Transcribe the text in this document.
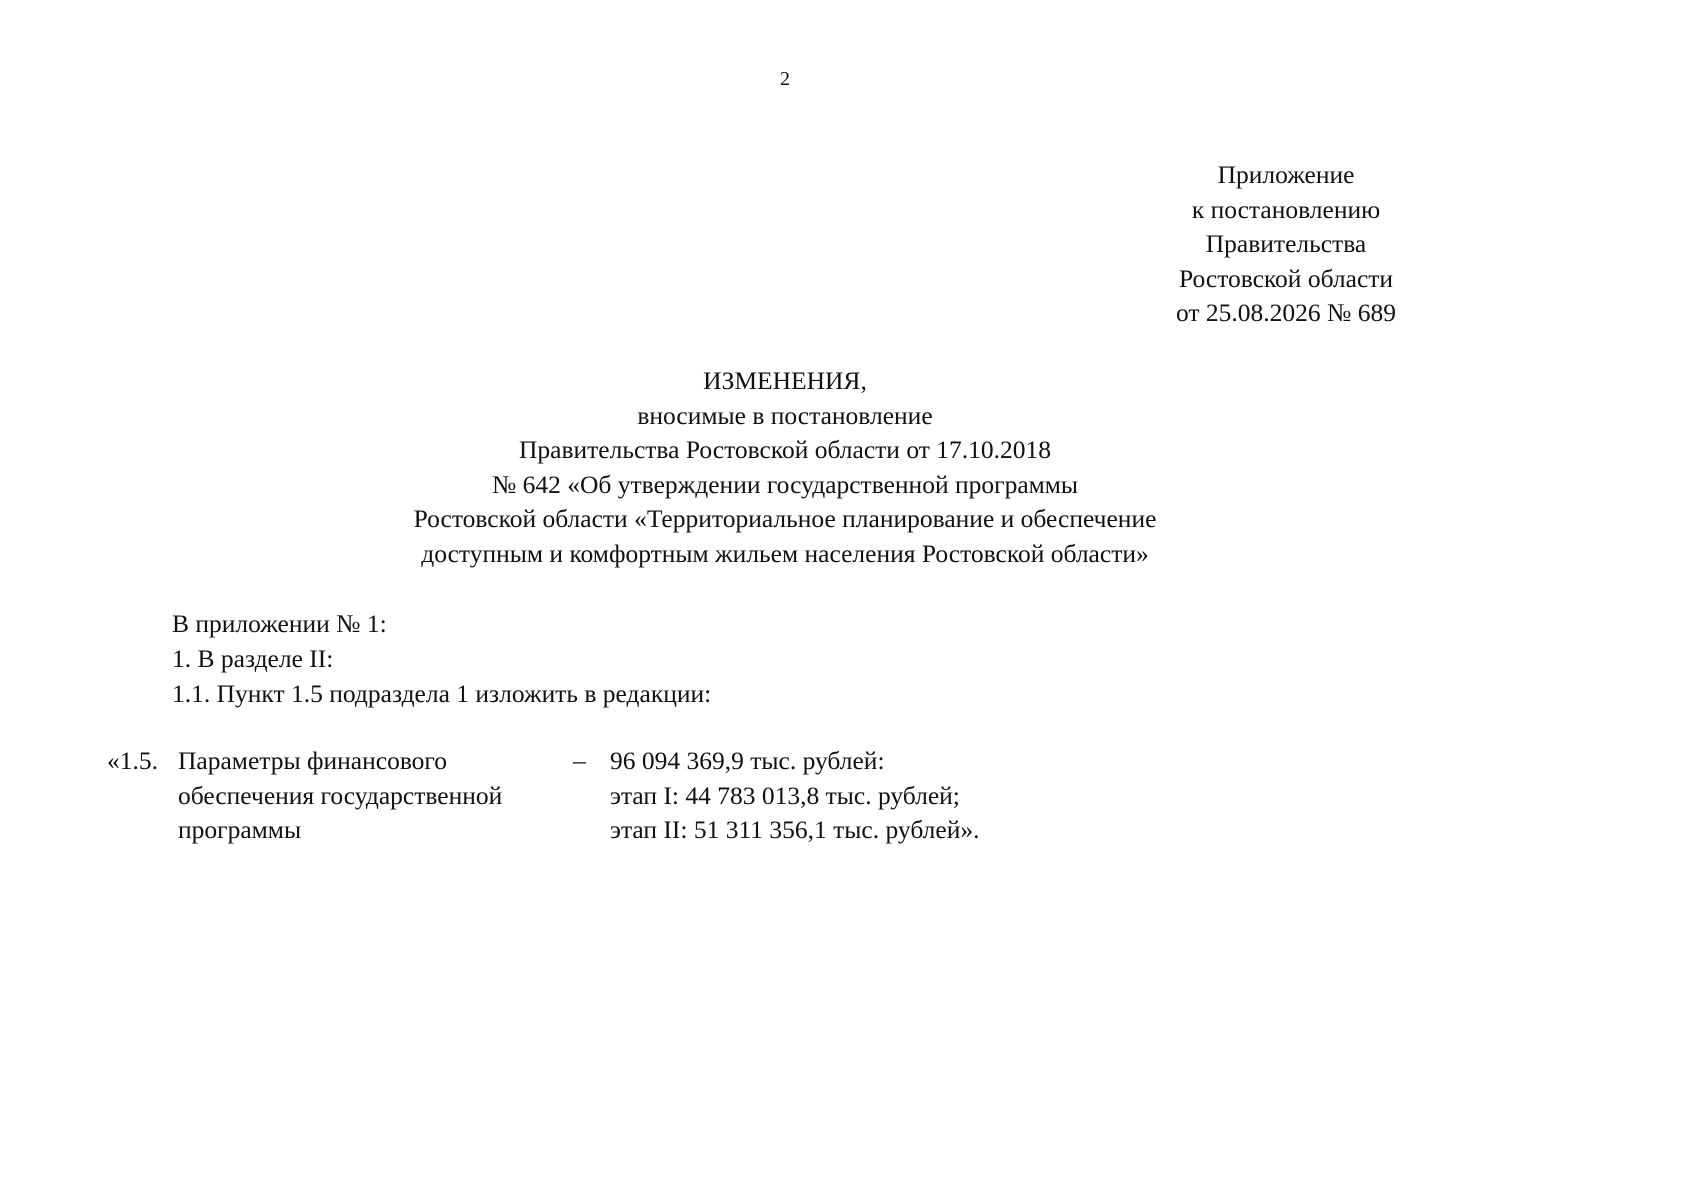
2
Приложение
к постановлению
Правительства
Ростовской области
от 25.08.2026 № 689
ИЗМЕНЕНИЯ,
вносимые в постановление
Правительства Ростовской области от 17.10.2018
№ 642 «Об утверждении государственной программы
Ростовской области «Территориальное планирование и обеспечение
доступным и комфортным жильем населения Ростовской области»
В приложении № 1:
1. В разделе II:
1.1. Пункт 1.5 подраздела 1 изложить в редакции:
«1.5. Параметры финансового
обеспечения государственной
программы
– 96 094 369,9 тыс. рублей:
этап I: 44 783 013,8 тыс. рублей;
этап II: 51 311 356,1 тыс. рублей».
